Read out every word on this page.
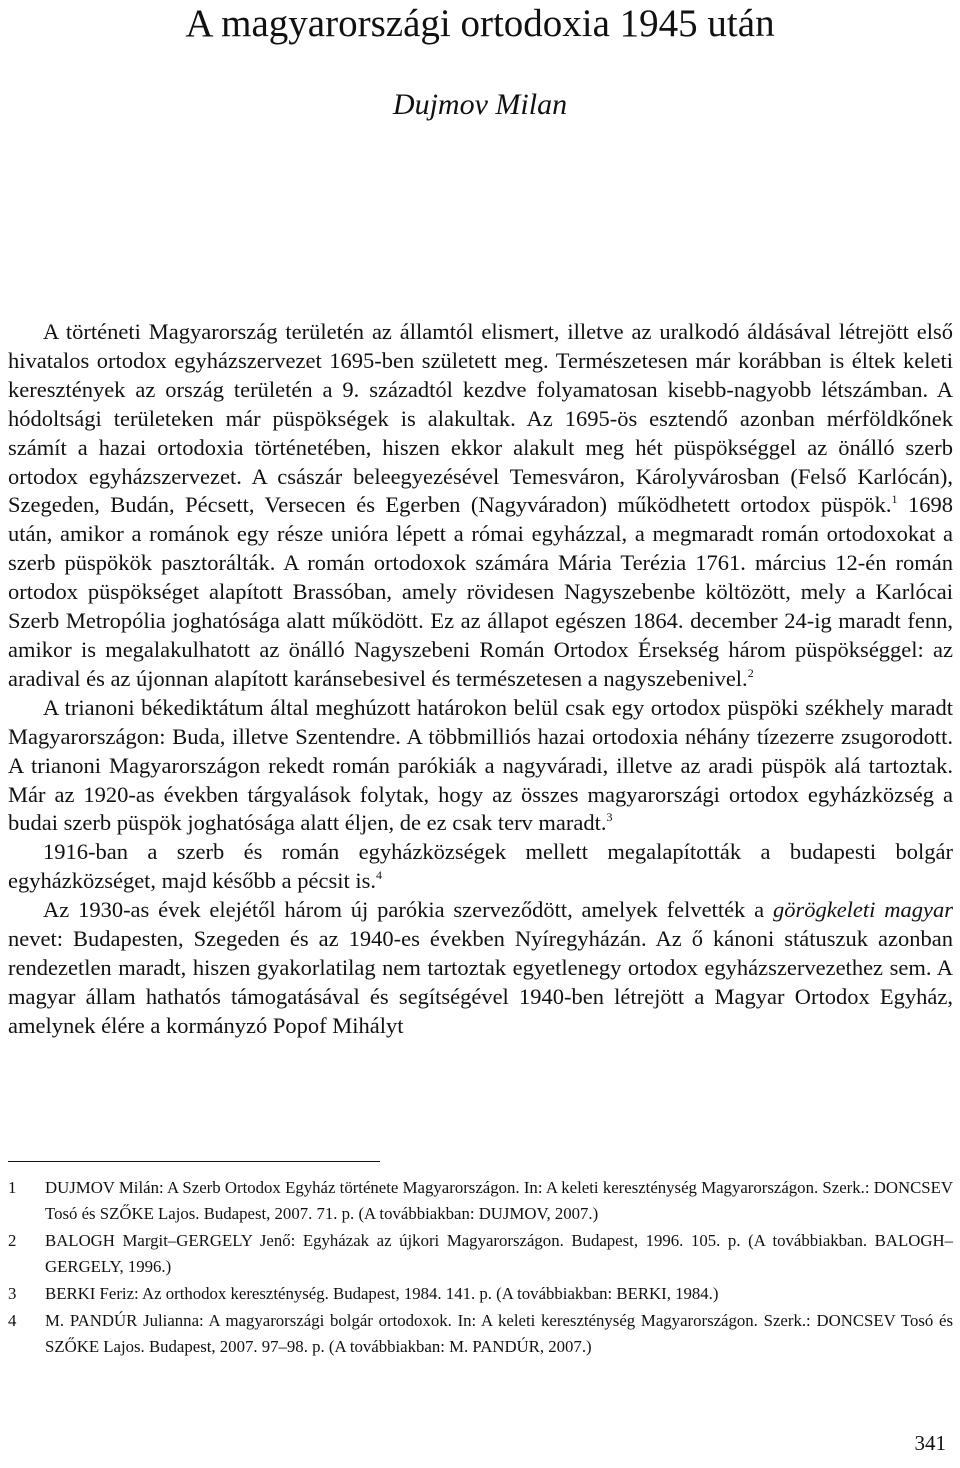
A magyarországi ortodoxia 1945 után
Dujmov Milan

A történeti Magyarország területén az államtól elismert, illetve az uralkodó áldásával létrejött első hivatalos ortodox egyházszervezet 1695-ben született meg. Természetesen már korábban is éltek keleti keresztények az ország területén a 9. századtól kezdve folyamatosan kisebb-nagyobb létszámban. A hódoltsági területeken már püspökségek is alakultak. Az 1695-ös esztendő azonban mérföldkőnek számít a hazai ortodoxia történetében, hiszen ekkor alakult meg hét püspökséggel az önálló szerb ortodox egyházszervezet. A császár beleegyezésével Temesváron, Károlyvárosban (Felső Karlócán), Szegeden, Budán, Pécsett, Versecen és Egerben (Nagyváradon) működhetett ortodox püspök.$^1$ 1698 után, amikor a románok egy része unióra lépett a római egyházzal, a megmaradt román ortodoxokat a szerb püspökök pasztorálták. A román ortodoxok számára Mária Terézia 1761. március 12-én román ortodox püspökséget alapított Brassóban, amely rövidesen Nagyszebenbe költözött, mely a Karlócai Szerb Metropólia joghatósága alatt működött. Ez az állapot egészen 1864. december 24-ig maradt fenn, amikor is megalakulhatott az önálló Nagyszebeni Román Ortodox Érsekség három püspökséggel: az aradival és az újonnan alapított karánsebesivel és természetesen a nagyszebenivel.$^2$

A trianoni békediktátum által meghúzott határokon belül csak egy ortodox püspöki székhely maradt Magyarországon: Buda, illetve Szentendre. A többmilliós hazai ortodoxia néhány tízezerre zsugorodott. A trianoni Magyarországon rekedt román parókiák a nagyváradi, illetve az aradi püspök alá tartoztak. Már az 1920-as években tárgyalások folytak, hogy az összes magyarországi ortodox egyházközség a budai szerb püspök joghatósága alatt éljen, de ez csak terv maradt.$^3$

1916-ban a szerb és román egyházközségek mellett megalapították a budapesti bolgár egyházközséget, majd később a pécsit is.$^4$

Az 1930-as évek elejétől három új parókia szerveződött, amelyek felvették a görögkeleti magyar nevet: Budapesten, Szegeden és az 1940-es években Nyíregyházán. Az ő kánoni státuszuk azonban rendezetlen maradt, hiszen gyakorlatilag nem tartoztak egyetlenegy ortodox egyházszervezethez sem. A magyar állam hathatós támogatásával és segítségével 1940-ben létrejött a Magyar Ortodox Egyház, amelynek élére a kormányzó Popof Mihályt

1	DUJMOV Milán: A Szerb Ortodox Egyház története Magyarországon. In: A keleti kereszténység Magyarországon. Szerk.: DONCSEV Tosó és SZŐKE Lajos. Budapest, 2007. 71. p. (A továbbiakban: DUJMOV, 2007.)
2	BALOGH Margit–GERGELY Jenő: Egyházak az újkori Magyarországon. Budapest, 1996. 105. p. (A továbbiakban. BALOGH–GERGELY, 1996.)
3	BERKI Feriz: Az orthodox kereszténység. Budapest, 1984. 141. p. (A továbbiakban: BERKI, 1984.)
4	M. PANDÚR Julianna: A magyarországi bolgár ortodoxok. In: A keleti kereszténység Magyarországon. Szerk.: DONCSEV Tosó és SZŐKE Lajos. Budapest, 2007. 97–98. p. (A továbbiakban: M. PANDÚR, 2007.)
341
